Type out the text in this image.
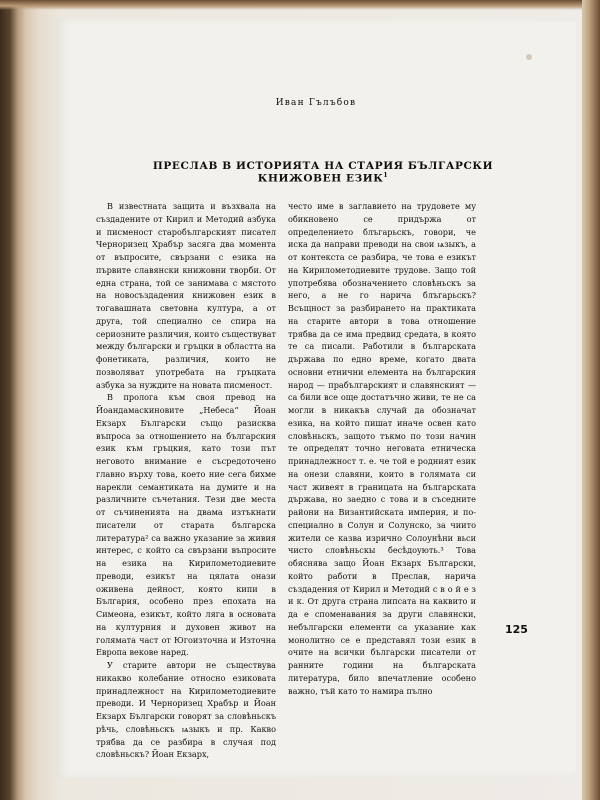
Иван Гълъбов
ПРЕСЛАВ В ИСТОРИЯТА НА СТАРИЯ БЪЛГАРСКИ КНИЖОВЕН ЕЗИК$^1$

В известната защита и възхвала на създадените от Кирил и Методий азбука и писменост старобългарският писател Черноризец Храбър засяга два момента от въпросите, свързани с езика на първите славянски книжовни творби. От една страна, той се занимава с мястото на новосъздадения книжовен език в тогавашната световна култура, а от друга, той специално се спира на сериозните различия, които съществуват между български и гръцки в областта на фонетиката, различия, които не позволяват употребата на гръцката азбука за нуждите на новата писменост.

В пролога към своя превод на Йоандамаскиновите „Небеса“ Йоан Екзарх Български също разисква въпроса за отношението на българския език към гръцкия, като този път неговото внимание е съсредоточено главно върху това, което ние сега бихме нарекли семантиката на думите и на различните съчетания. Тези две места от съчиненията на двама изтъкнати писатели от старата българска литература² са важно указание за живия интерес, с който са свързани въпросите на езика на Кирилометодиевите преводи, езикът на цялата онази оживена дейност, която кипи в България, особено през епохата на Симеона, езикът, който лягa в основата на културния и духовен живот на голямата част от Югоизточна и Източна Европа векове наред.

У старите автори не съществува никакво колебание относно езиковата принадлежност на Кирилометодиевите преводи. И Черноризец Храбър и Йоан Екзарх Български говорят за словѣньскъ рѣчь, словѣньскъ ѩзыкъ и пр. Какво трябва да се разбира в случая под словѣньскъ? Йоан Екзарх,

често име в заглавието на трудовете му обикновено се придържа от определението блъгарьскъ, говори, че иска да направи преводи на свои ѩзыкъ, а от контекста се разбира, че това е езикът на Кирилометодиевите трудове. Защо той употребява обозначението словѣньскъ за него, а не го нарича блъгарьскъ? Всъщност за разбирането на практиката на старите автори в това отношение трябва да се има предвид средата, в която те са писали. Работили в българската държава по едно време, когато двата основни етнични елемента на българския народ — прабългарският и славянският — са били все още достатъчно живи, те не са могли в никакъв случай да обозначат езика, на който пишат иначе освен като словѣньскъ, защото тъкмо по този начин те определят точно неговата етническа принадлежност т. е. че той е родният език на онези славяни, които в голямата си част живеят в границата на българската държава, но заедно с това и в съседните райони на Византийската империя, и по-специално в Солун и Солунско, за чиито жители се казва изрично Солоунѣни вьси чисто словѣньскы бесѣдоують.³ Това обяснява защо Йоан Екзарх Български, който работи в Преслав, нарича създадения от Кирил и Методий с в о й е з и к. От друга страна липсата на каквито и да е споменавания за други славянски, небългарски елементи са указание как монолитно се е представял този език в очите на всички български писатели от ранните години на българската литература, било впечатление особено важно, тъй като то намира пълно

125
